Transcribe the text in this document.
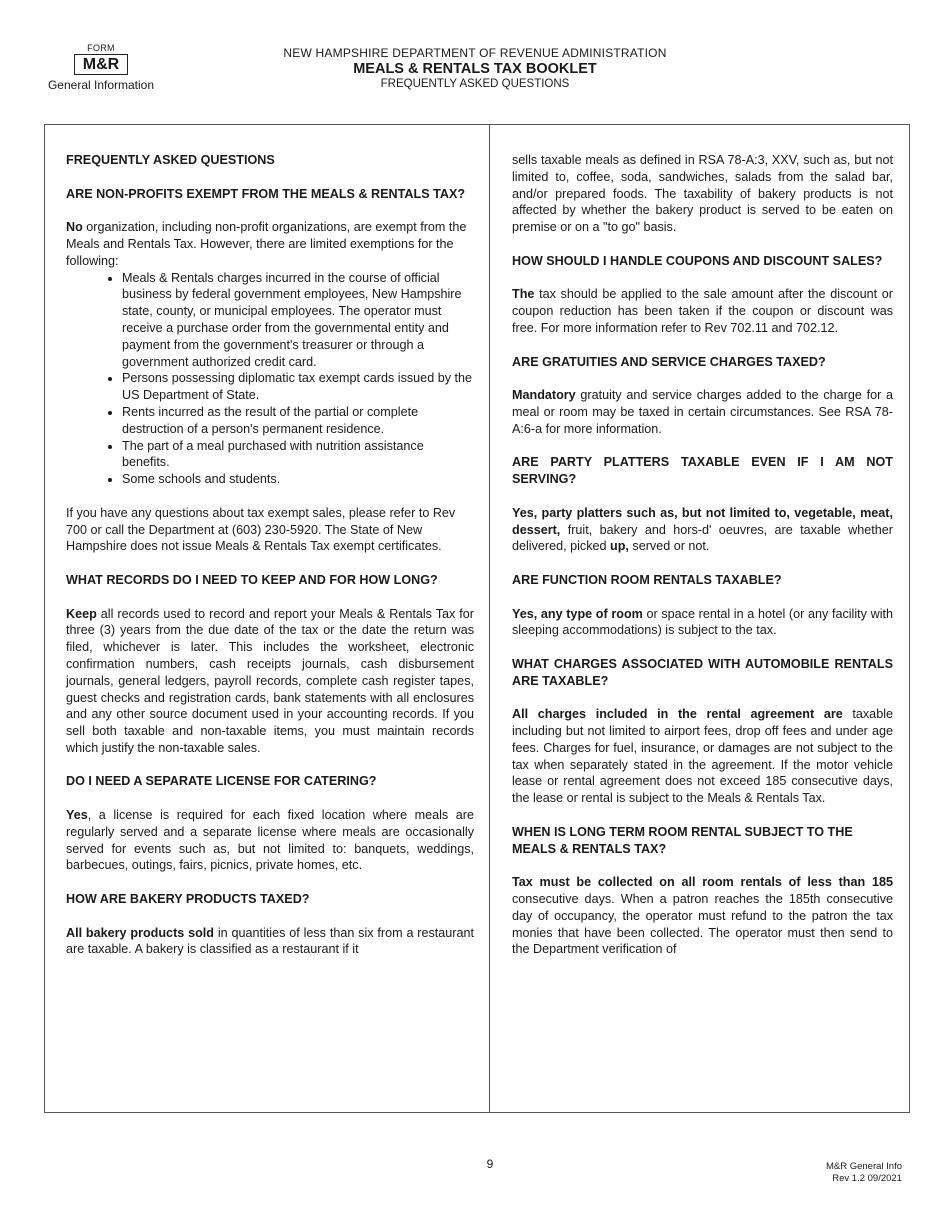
FORM
M&R
General Information
NEW HAMPSHIRE DEPARTMENT OF REVENUE ADMINISTRATION
MEALS & RENTALS TAX BOOKLET
FREQUENTLY ASKED QUESTIONS
FREQUENTLY ASKED QUESTIONS
ARE NON-PROFITS EXEMPT FROM THE MEALS & RENTALS TAX?

No organization, including non-profit organizations, are exempt from the Meals and Rentals Tax. However, there are limited exemptions for the following:

• Meals & Rentals charges incurred in the course of official business by federal government employees, New Hampshire state, county, or municipal employees. The operator must receive a purchase order from the governmental entity and payment from the government's treasurer or through a government authorized credit card.
• Persons possessing diplomatic tax exempt cards issued by the US Department of State.
• Rents incurred as the result of the partial or complete destruction of a person's permanent residence.
• The part of a meal purchased with nutrition assistance benefits.
• Some schools and students.

If you have any questions about tax exempt sales, please refer to Rev 700 or call the Department at (603) 230-5920. The State of New Hampshire does not issue Meals & Rentals Tax exempt certificates.

WHAT RECORDS DO I NEED TO KEEP AND FOR HOW LONG?

Keep all records used to record and report your Meals & Rentals Tax for three (3) years from the due date of the tax or the date the return was filed, whichever is later. This includes the worksheet, electronic confirmation numbers, cash receipts journals, cash disbursement journals, general ledgers, payroll records, complete cash register tapes, guest checks and registration cards, bank statements with all enclosures and any other source document used in your accounting records. If you sell both taxable and non-taxable items, you must maintain records which justify the non-taxable sales.

DO I NEED A SEPARATE LICENSE FOR CATERING?

Yes, a license is required for each fixed location where meals are regularly served and a separate license where meals are occasionally served for events such as, but not limited to: banquets, weddings, barbecues, outings, fairs, picnics, private homes, etc.

HOW ARE BAKERY PRODUCTS TAXED?

All bakery products sold in quantities of less than six from a restaurant are taxable. A bakery is classified as a restaurant if it

sells taxable meals as defined in RSA 78-A:3, XXV, such as, but not limited to, coffee, soda, sandwiches, salads from the salad bar, and/or prepared foods. The taxability of bakery products is not affected by whether the bakery product is served to be eaten on premise or on a "to go" basis.

HOW SHOULD I HANDLE COUPONS AND DISCOUNT SALES?

The tax should be applied to the sale amount after the discount or coupon reduction has been taken if the coupon or discount was free. For more information refer to Rev 702.11 and 702.12.

ARE GRATUITIES AND SERVICE CHARGES TAXED?

Mandatory gratuity and service charges added to the charge for a meal or room may be taxed in certain circumstances. See RSA 78-A:6-a for more information.

ARE PARTY PLATTERS TAXABLE EVEN IF I AM NOT SERVING?

Yes, party platters such as, but not limited to, vegetable, meat, dessert, fruit, bakery and hors-d' oeuvres, are taxable whether delivered, picked up, served or not.

ARE FUNCTION ROOM RENTALS TAXABLE?

Yes, any type of room or space rental in a hotel (or any facility with sleeping accommodations) is subject to the tax.

WHAT CHARGES ASSOCIATED WITH AUTOMOBILE RENTALS ARE TAXABLE?

All charges included in the rental agreement are taxable including but not limited to airport fees, drop off fees and under age fees. Charges for fuel, insurance, or damages are not subject to the tax when separately stated in the agreement. If the motor vehicle lease or rental agreement does not exceed 185 consecutive days, the lease or rental is subject to the Meals & Rentals Tax.

WHEN IS LONG TERM ROOM RENTAL SUBJECT TO THE MEALS & RENTALS TAX?

Tax must be collected on all room rentals of less than 185 consecutive days. When a patron reaches the 185th consecutive day of occupancy, the operator must refund to the patron the tax monies that have been collected. The operator must then send to the Department verification of

9	M&R General Info
Rev 1.2 09/2021
